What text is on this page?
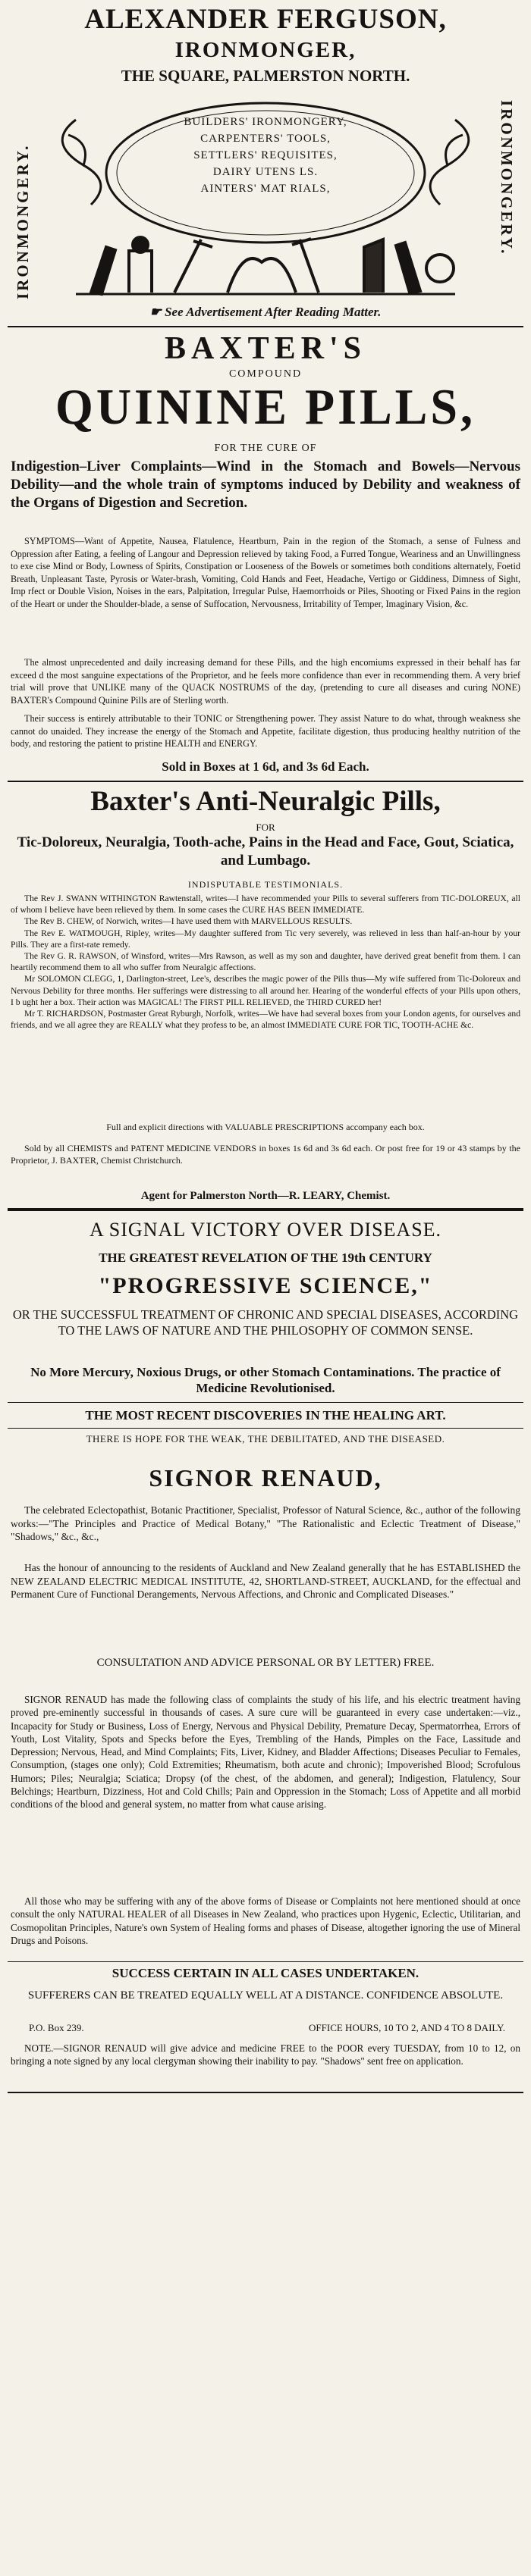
ALEXANDER FERGUSON,
IRONMONGER,
THE SQUARE, PALMERSTON NORTH.
IRONMONGERY.	IRONMONGERY.
BUILDERS' IRONMONGERY,
CARPENTERS' TOOLS,
SETTLERS' REQUISITES,
DAIRY UTENS LS.
AINTERS' MAT RIALS,
☛ See Advertisement After Reading Matter.
BAXTER'S
COMPOUND
QUININE PILLS,
FOR THE CURE OF
Indigestion–Liver Complaints—Wind in the Stomach and Bowels—Nervous Debility—and the whole train of symptoms induced by Debility and weakness of the Organs of Digestion and Secretion.
SYMPTOMS—Want of Appetite, Nausea, Flatulence, Heartburn, Pain in the region of the Stomach, a sense of Fulness and Oppression after Eating, a feeling of Langour and Depression relieved by taking Food, a Furred Tongue, Weariness and an Unwillingness to exe cise Mind or Body, Lowness of Spirits, Constipation or Looseness of the Bowels or sometimes both conditions alternately, Foetid Breath, Unpleasant Taste, Pyrosis or Water-brash, Vomiting, Cold Hands and Feet, Headache, Vertigo or Giddiness, Dimness of Sight, Imp rfect or Double Vision, Noises in the ears, Palpitation, Irregular Pulse, Haemorrhoids or Piles, Shooting or Fixed Pains in the region of the Heart or under the Shoulder-blade, a sense of Suffocation, Nervousness, Irritability of Temper, Imaginary Vision, &c.
The almost unprecedented and daily increasing demand for these Pills, and the high encomiums expressed in their behalf has far exceed d the most sanguine expectations of the Proprietor, and he feels more confidence than ever in recommending them. A very brief trial will prove that UNLIKE many of the QUACK NOSTRUMS of the day, (pretending to cure all diseases and curing NONE) BAXTER's Compound Quinine Pills are of Sterling worth.
Their success is entirely attributable to their TONIC or Strengthening power. They assist Nature to do what, through weakness she cannot do unaided. They increase the energy of the Stomach and Appetite, facilitate digestion, thus producing healthy nutrition of the body, and restoring the patient to pristine HEALTH and ENERGY.
Sold in Boxes at 1 6d, and 3s 6d Each.
Baxter's Anti-Neuralgic Pills,
FOR
Tic-Doloreux, Neuralgia, Tooth-ache, Pains in the Head and Face, Gout, Sciatica, and Lumbago.
INDISPUTABLE TESTIMONIALS.

The Rev J. SWANN WITHINGTON Rawtenstall, writes—I have recommended your Pills to several sufferers from TIC-DOLOREUX, all of whom I believe have been relieved by them. In some cases the CURE HAS BEEN IMMEDIATE.

The Rev B. CHEW, of Norwich, writes—I have used them with MARVELLOUS RESULTS.

The Rev E. WATMOUGH, Ripley, writes—My daughter suffered from Tic very severely, was relieved in less than half-an-hour by your Pills. They are a first-rate remedy.

The Rev G. R. RAWSON, of Winsford, writes—Mrs Rawson, as well as my son and daughter, have derived great benefit from them. I can heartily recommend them to all who suffer from Neuralgic affections.

Mr SOLOMON CLEGG, 1, Darlington-street, Lee's, describes the magic power of the Pills thus—My wife suffered from Tic-Doloreux and Nervous Debility for three months. Her sufferings were distressing to all around her. Hearing of the wonderful effects of your Pills upon others, I b ught her a box. Their action was MAGICAL! The FIRST PILL RELIEVED, the THIRD CURED her!

Mr T. RICHARDSON, Postmaster Great Ryburgh, Norfolk, writes—We have had several boxes from your London agents, for ourselves and friends, and we all agree they are REALLY what they profess to be, an almost IMMEDIATE CURE FOR TIC, TOOTH-ACHE &c.

Full and explicit directions with VALUABLE PRESCRIPTIONS accompany each box.
Sold by all CHEMISTS and PATENT MEDICINE VENDORS in boxes 1s 6d and 3s 6d each. Or post free for 19 or 43 stamps by the Proprietor, J. BAXTER, Chemist Christchurch.
Agent for Palmerston North—R. LEARY, Chemist.
A SIGNAL VICTORY OVER DISEASE.
THE GREATEST REVELATION OF THE 19th CENTURY
"PROGRESSIVE SCIENCE,"
OR THE SUCCESSFUL TREATMENT OF CHRONIC AND SPECIAL DISEASES, ACCORDING TO THE LAWS OF NATURE AND THE PHILOSOPHY OF COMMON SENSE.
No More Mercury, Noxious Drugs, or other Stomach Contaminations. The practice of Medicine Revolutionised.
THE MOST RECENT DISCOVERIES IN THE HEALING ART.
THERE IS HOPE FOR THE WEAK, THE DEBILITATED, AND THE DISEASED.
SIGNOR RENAUD,
The celebrated Eclectopathist, Botanic Practitioner, Specialist, Professor of Natural Science, &c., author of the following works:—"The Principles and Practice of Medical Botany," "The Rationalistic and Eclectic Treatment of Disease," "Shadows," &c., &c.,
Has the honour of announcing to the residents of Auckland and New Zealand generally that he has ESTABLISHED the NEW ZEALAND ELECTRIC MEDICAL INSTITUTE, 42, SHORTLAND-STREET, AUCKLAND, for the effectual and Permanent Cure of Functional Derangements, Nervous Affections, and Chronic and Complicated Diseases."
CONSULTATION AND ADVICE PERSONAL OR BY LETTER) FREE.
SIGNOR RENAUD has made the following class of complaints the study of his life, and his electric treatment having proved pre-eminently successful in thousands of cases. A sure cure will be guaranteed in every case undertaken:—viz., Incapacity for Study or Business, Loss of Energy, Nervous and Physical Debility, Premature Decay, Spermatorrhea, Errors of Youth, Lost Vitality, Spots and Specks before the Eyes, Trembling of the Hands, Pimples on the Face, Lassitude and Depression; Nervous, Head, and Mind Complaints; Fits, Liver, Kidney, and Bladder Affections; Diseases Peculiar to Females, Consumption, (stages one only); Cold Extremities; Rheumatism, both acute and chronic); Impoverished Blood; Scrofulous Humors; Piles; Neuralgia; Sciatica; Dropsy (of the chest, of the abdomen, and general); Indigestion, Flatulency, Sour Belchings; Heartburn, Dizziness, Hot and Cold Chills; Pain and Oppression in the Stomach; Loss of Appetite and all morbid conditions of the blood and general system, no matter from what cause arising.
All those who may be suffering with any of the above forms of Disease or Complaints not here mentioned should at once consult the only NATURAL HEALER of all Diseases in New Zealand, who practices upon Hygenic, Eclectic, Utilitarian, and Cosmopolitan Principles, Nature's own System of Healing forms and phases of Disease, altogether ignoring the use of Mineral Drugs and Poisons.
SUCCESS CERTAIN IN ALL CASES UNDERTAKEN.
SUFFERERS CAN BE TREATED EQUALLY WELL AT A DISTANCE. CONFIDENCE ABSOLUTE.
P.O. Box 239.	OFFICE HOURS, 10 TO 2, AND 4 TO 8 DAILY.
NOTE.—SIGNOR RENAUD will give advice and medicine FREE to the POOR every TUESDAY, from 10 to 12, on bringing a note signed by any local clergyman showing their inability to pay. "Shadows" sent free on application.
